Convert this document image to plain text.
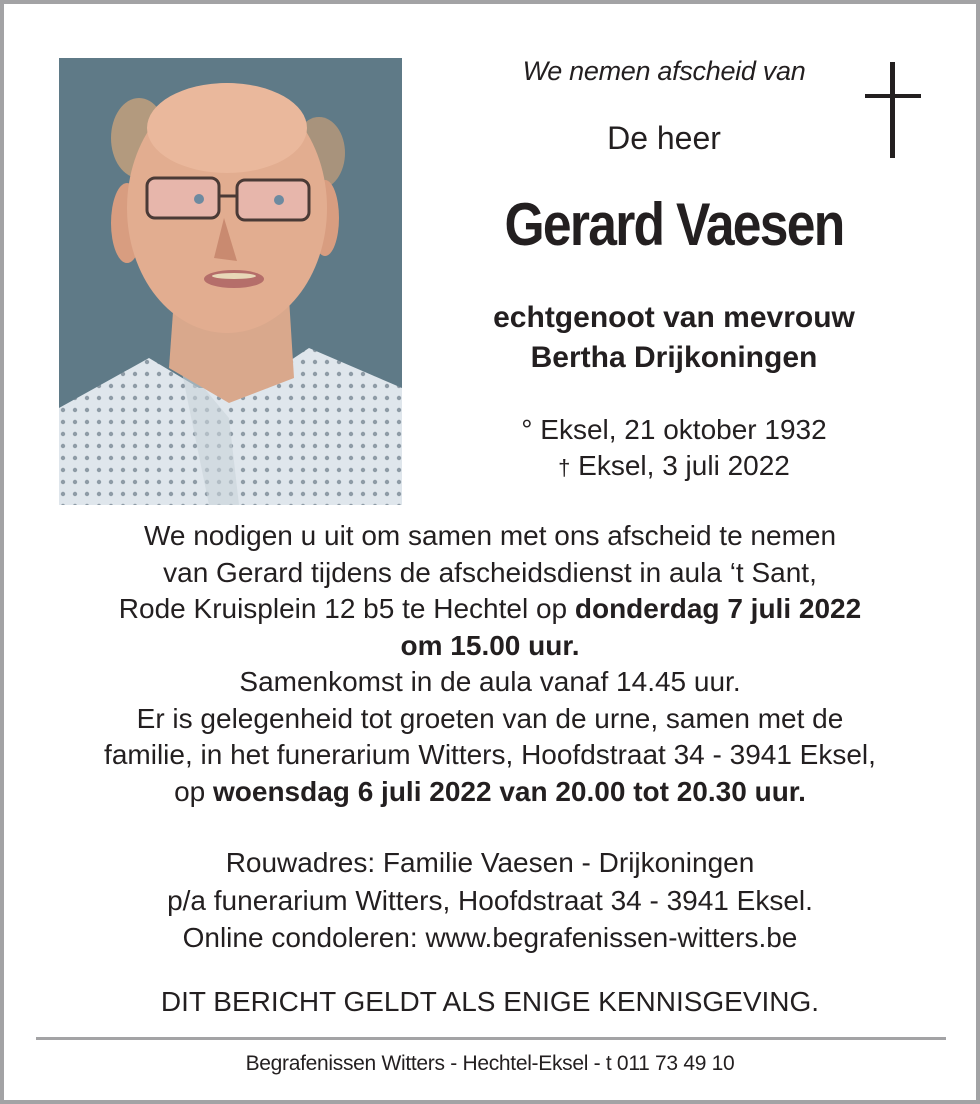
We nemen afscheid van
De heer
Gerard Vaesen
echtgenoot van mevrouw
Bertha Drijkoningen
° Eksel, 21 oktober 1932
† Eksel, 3 juli 2022
We nodigen u uit om samen met ons afscheid te nemen
van Gerard tijdens de afscheidsdienst in aula ‘t Sant,
Rode Kruisplein 12 b5 te Hechtel op donderdag 7 juli 2022
om 15.00 uur.
Samenkomst in de aula vanaf 14.45 uur.
Er is gelegenheid tot groeten van de urne, samen met de
familie, in het funerarium Witters, Hoofdstraat 34 - 3941 Eksel,
op woensdag 6 juli 2022 van 20.00 tot 20.30 uur.
Rouwadres: Familie Vaesen - Drijkoningen
p/a funerarium Witters, Hoofdstraat 34 - 3941 Eksel.
Online condoleren: www.begrafenissen-witters.be
DIT BERICHT GELDT ALS ENIGE KENNISGEVING.
Begrafenissen Witters - Hechtel-Eksel - t 011 73 49 10
